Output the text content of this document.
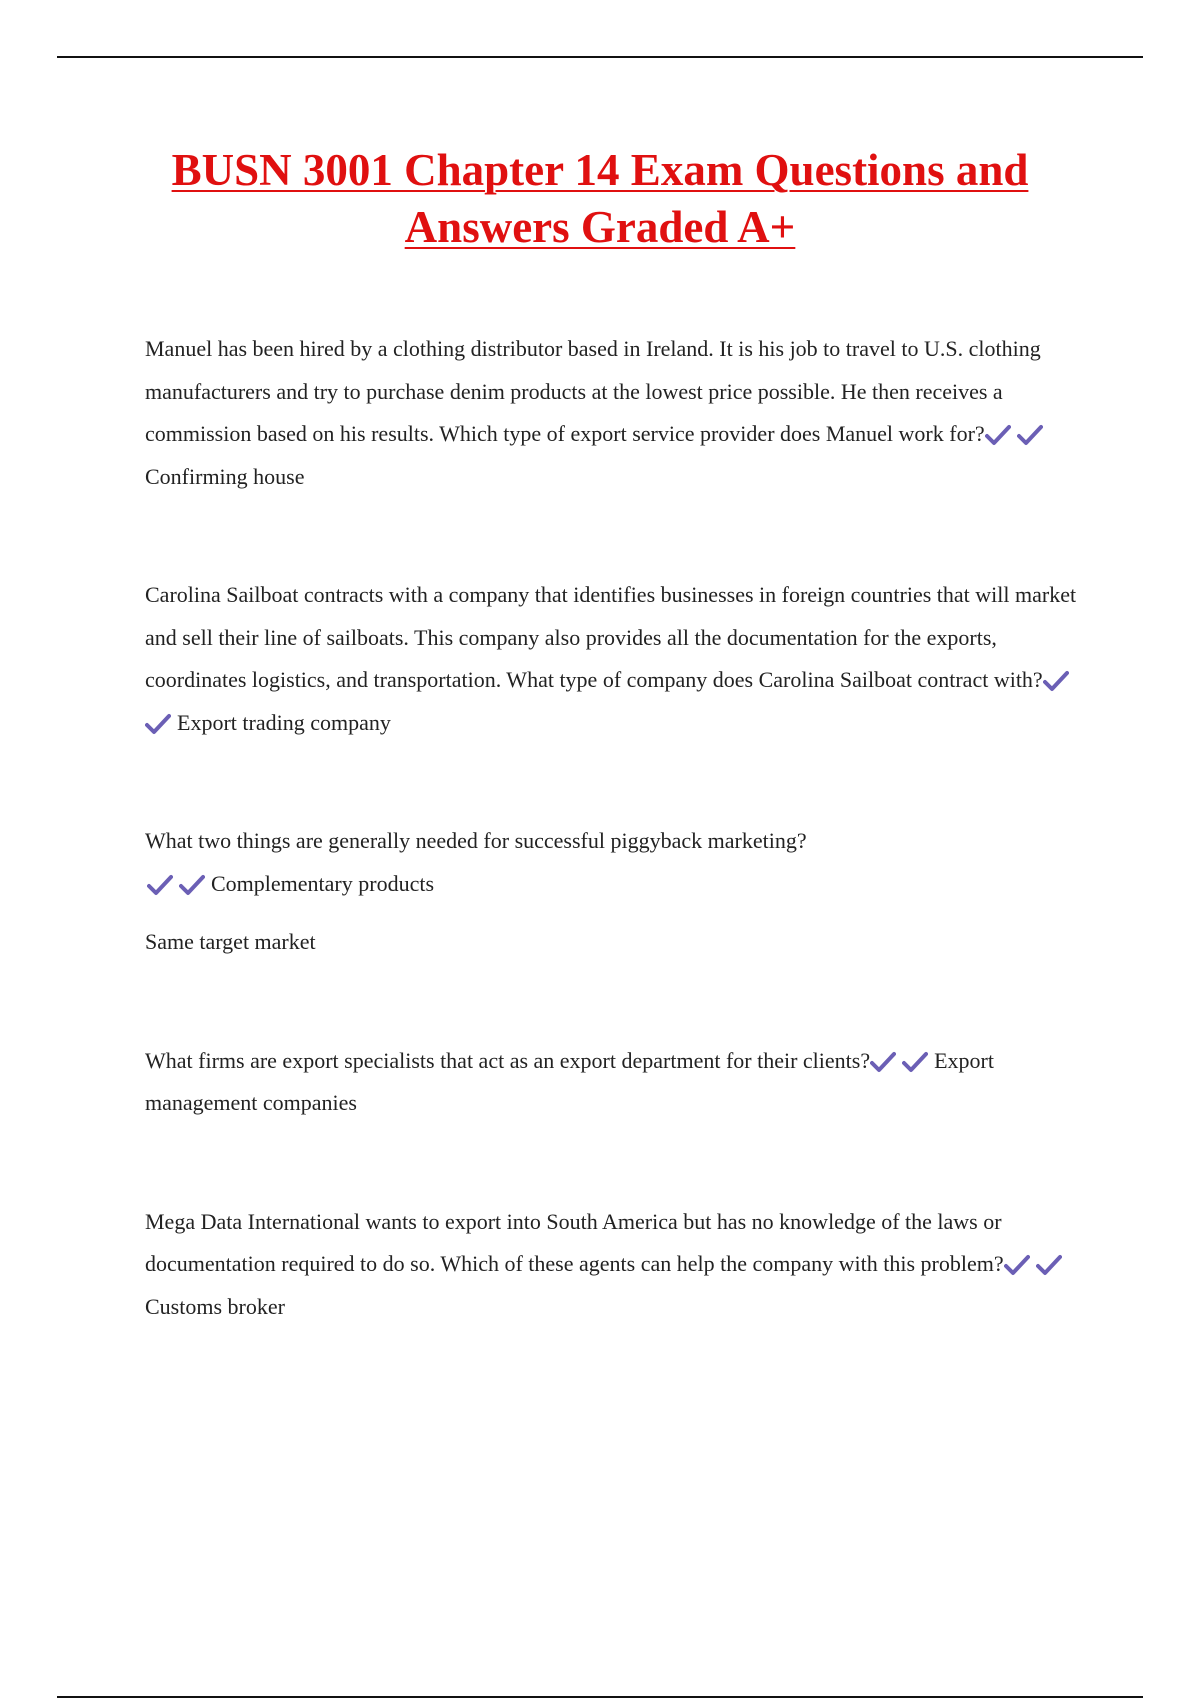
BUSN 3001 Chapter 14 Exam Questions and Answers Graded A+

Manuel has been hired by a clothing distributor based in Ireland. It is his job to travel to U.S. clothing manufacturers and try to purchase denim products at the lowest price possible. He then receives a commission based on his results. Which type of export service provider does Manuel work for?
Confirming house

Carolina Sailboat contracts with a company that identifies businesses in foreign countries that will market and sell their line of sailboats. This company also provides all the documentation for the exports, coordinates logistics, and transportation. What type of company does Carolina Sailboat contract with?
Export trading company

What two things are generally needed for successful piggyback marketing?

Complementary products

Same target market

What firms are export specialists that act as an export department for their clients?	Export management companies

Mega Data International wants to export into South America but has no knowledge of the laws or documentation required to do so. Which of these agents can help the company with this problem?
Customs broker
